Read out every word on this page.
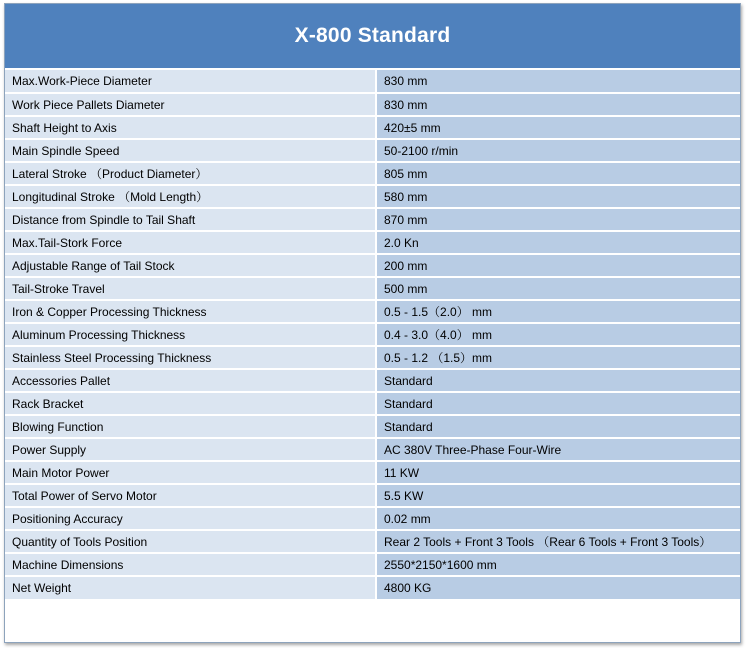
X-800 Standard
Max.Work-Piece Diameter	830 mm
Work Piece Pallets Diameter	830 mm
Shaft Height to Axis	420±5 mm
Main Spindle Speed	50-2100 r/min
Lateral Stroke （Product Diameter）	805 mm
Longitudinal Stroke （Mold Length）	580 mm
Distance from Spindle to Tail Shaft	870 mm
Max.Tail-Stork Force	2.0 Kn
Adjustable Range of Tail Stock	200 mm
Tail-Stroke Travel	500 mm
Iron & Copper Processing Thickness	0.5 - 1.5（2.0） mm
Aluminum Processing Thickness	0.4 - 3.0（4.0） mm
Stainless Steel Processing Thickness	0.5 - 1.2 （1.5）mm
Accessories Pallet	Standard
Rack Bracket	Standard
Blowing Function	Standard
Power Supply	AC 380V Three-Phase Four-Wire
Main Motor Power	11 KW
Total Power of Servo Motor	5.5 KW
Positioning Accuracy	0.02 mm
Quantity of Tools Position	Rear 2 Tools + Front 3 Tools （Rear 6 Tools + Front 3 Tools）
Machine Dimensions	2550*2150*1600 mm
Net Weight	4800 KG
